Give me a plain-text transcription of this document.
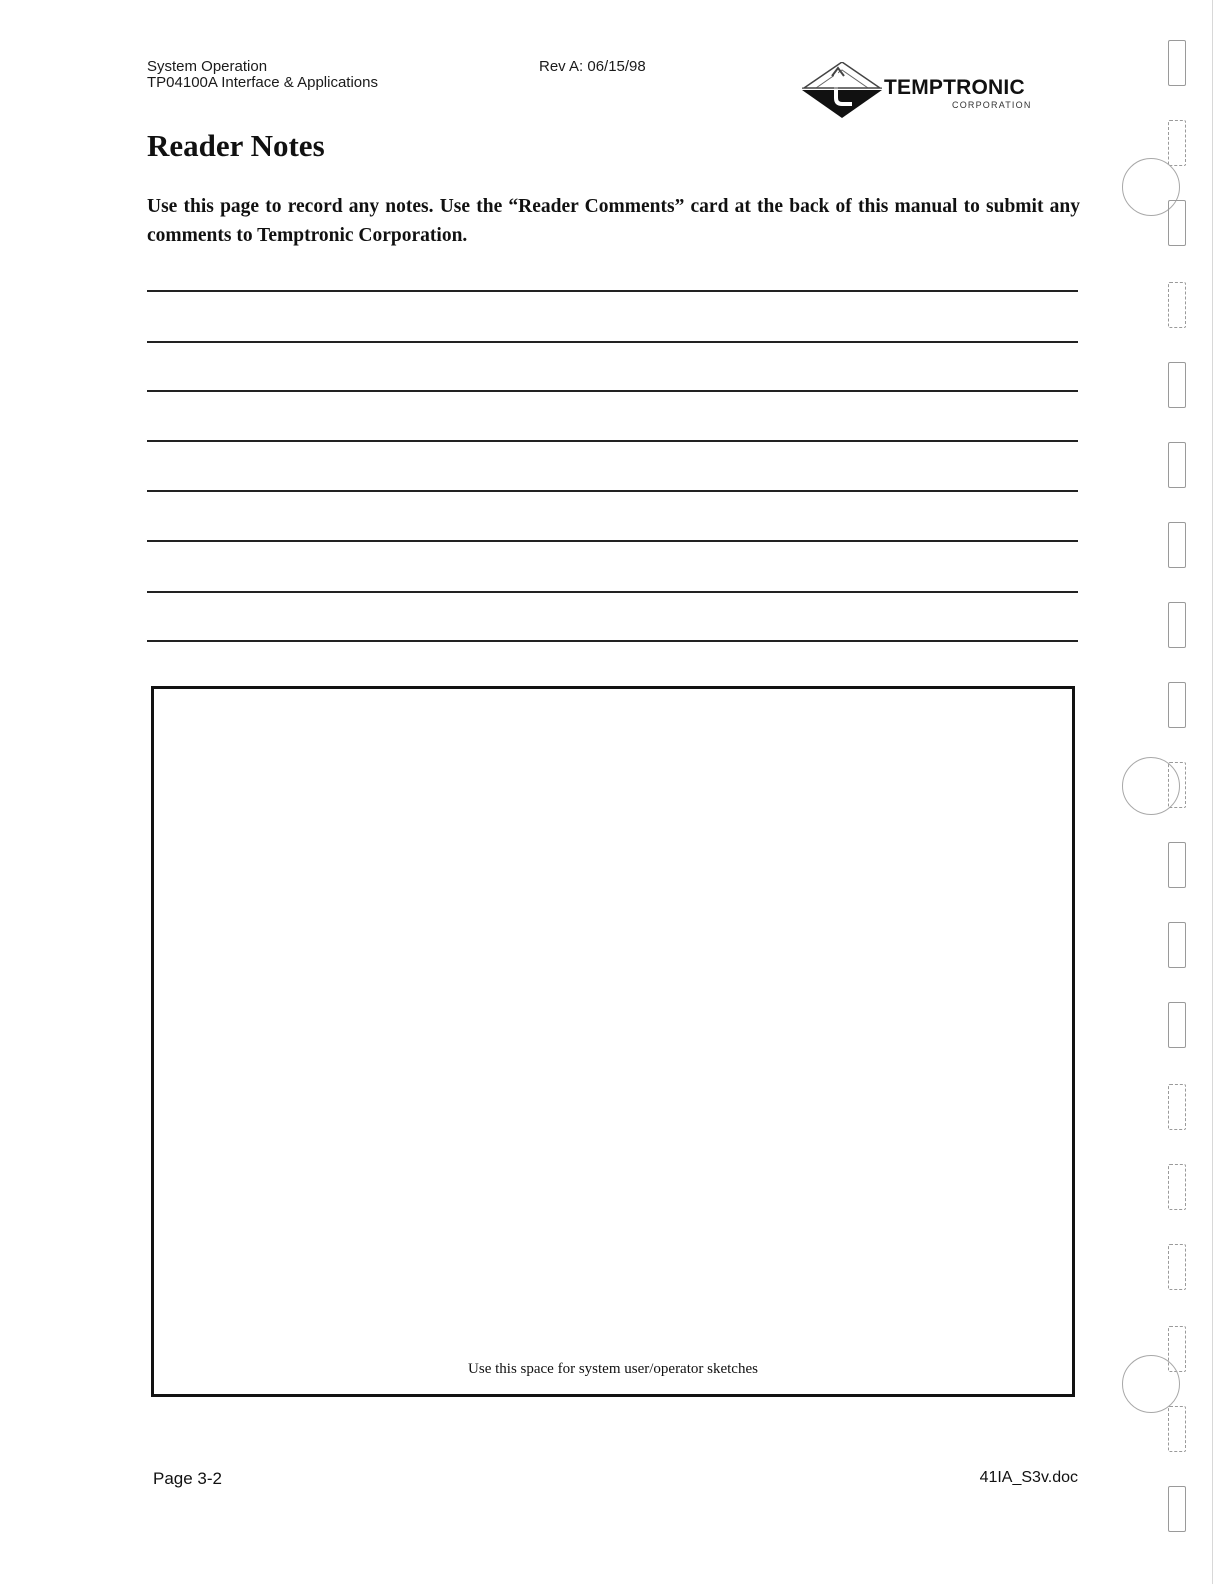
System Operation
TP04100A Interface & Applications
Rev A: 06/15/98
TEMPTRONIC
CORPORATION
Reader Notes
Use this page to record any notes. Use the “Reader Comments” card at the back of this manual to submit any comments to Temptronic Corporation.
Use this space for system user/operator sketches
Page 3-2	41IA_S3v.doc
